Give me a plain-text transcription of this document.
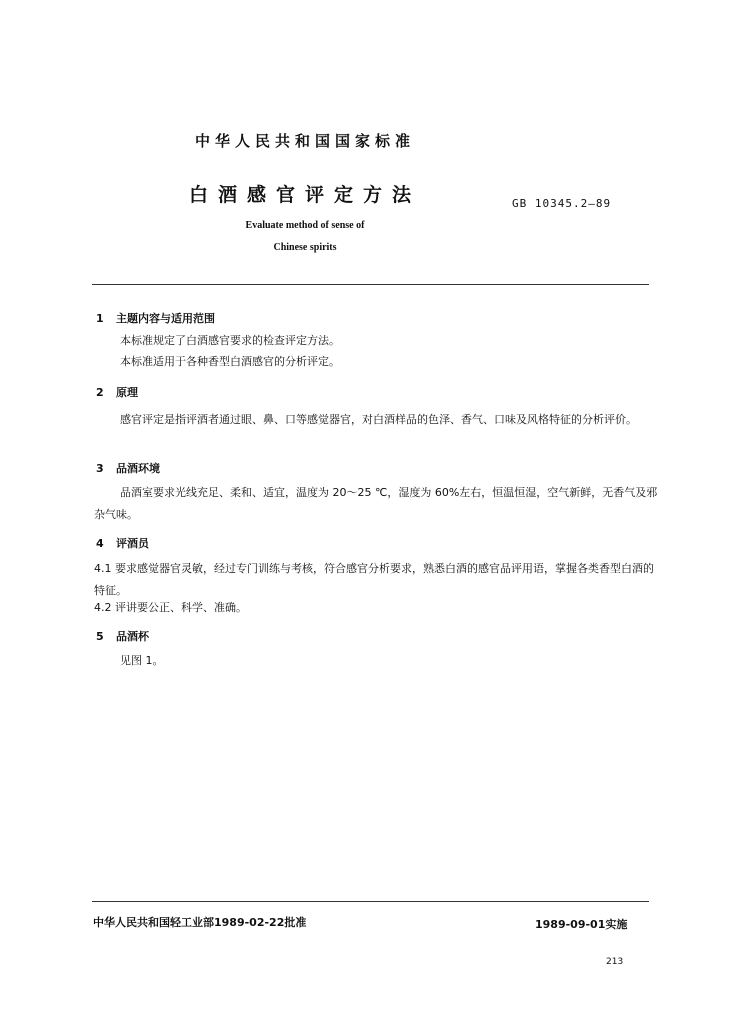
中华人民共和国国家标准
白酒感官评定方法	GB 10345.2—89
Evaluate method of sense of
Chinese spirits
1 主题内容与适用范围
本标准规定了白酒感官要求的检查评定方法。
本标准适用于各种香型白酒感官的分析评定。
2 原理
感官评定是指评酒者通过眼、鼻、口等感觉器官，对白酒样品的色泽、香气、口味及风格特征的分析评价。
3 品酒环境
品酒室要求光线充足、柔和、适宜，温度为 20～25 ℃，湿度为 60%左右，恒温恒湿，空气新鲜，无香气及邪杂气味。
4 评酒员
4.1 要求感觉器官灵敏，经过专门训练与考核，符合感官分析要求，熟悉白酒的感官品评用语，掌握各类香型白酒的特征。
4.2 评讲要公正、科学、准确。
5 品酒杯
见图 1。
中华人民共和国轻工业部1989-02-22批准	1989-09-01实施
213
